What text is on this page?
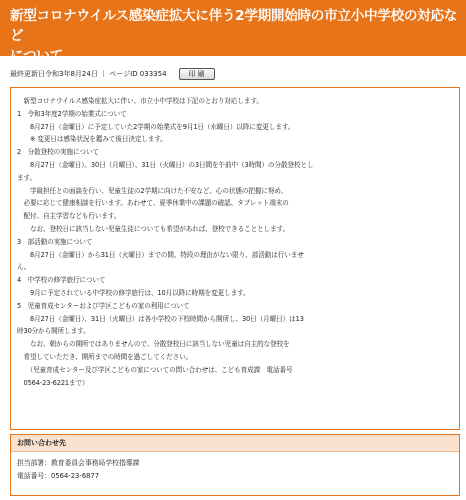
新型コロナウイルス感染症拡大に伴う2学期開始時の市立小中学校の対応など
について
最終更新日令和3年8月24日 ｜ ページID 033354	印 刷

　新型コロナウイルス感染症拡大に伴い、市立小中学校は下記のとおり対応します。

1　令和3年度2学期の始業式について

　　8月27日（金曜日）に予定していた2学期の始業式を9月1日（水曜日）以降に変更します。

　　※ 変更日は感染状況を鑑みて後日決定します。

2　分散登校の実施について

　　8月27日（金曜日）、30日（月曜日）、31日（火曜日）の3日間を午前中（3時間）の分散登校とし

ます。

　　学級担任との面談を行い、児童生徒の2学期に向けた不安など、心の状態の把握に努め、

　必要に応じて健康相談を行います。あわせて、夏季休業中の課題の確認、タブレット端末の

　配付、自主学習なども行います。

　　なお、登校日に該当しない児童生徒についても希望があれば、登校できることとします。

3　部活動の実施について

　　8月27日（金曜日）から31日（火曜日）までの間、特段の理由がない限り、部活動は行いませ

ん。

4　中学校の修学旅行について

　　9月に予定されている中学校の修学旅行は、10月以降に時期を変更します。

5　児童育成センターおよび学区こどもの家の利用について

　　8月27日（金曜日）、31日（火曜日）は各小学校の下校時間から開所し、30日（月曜日）は13

時30分から開所します。

　　なお、朝からの開所ではありませんので、分散登校日に該当しない児童は自主的な登校を

　希望していただき、開所までの時間を過ごしてください。

　　（児童育成センター及び学区こどもの家についての問い合わせは、こども育成課　電話番号

　0564-23-6221まで）

お問い合わせ先

担当部署：教育委員会事務局学校指導課

電話番号：0564-23-6877
